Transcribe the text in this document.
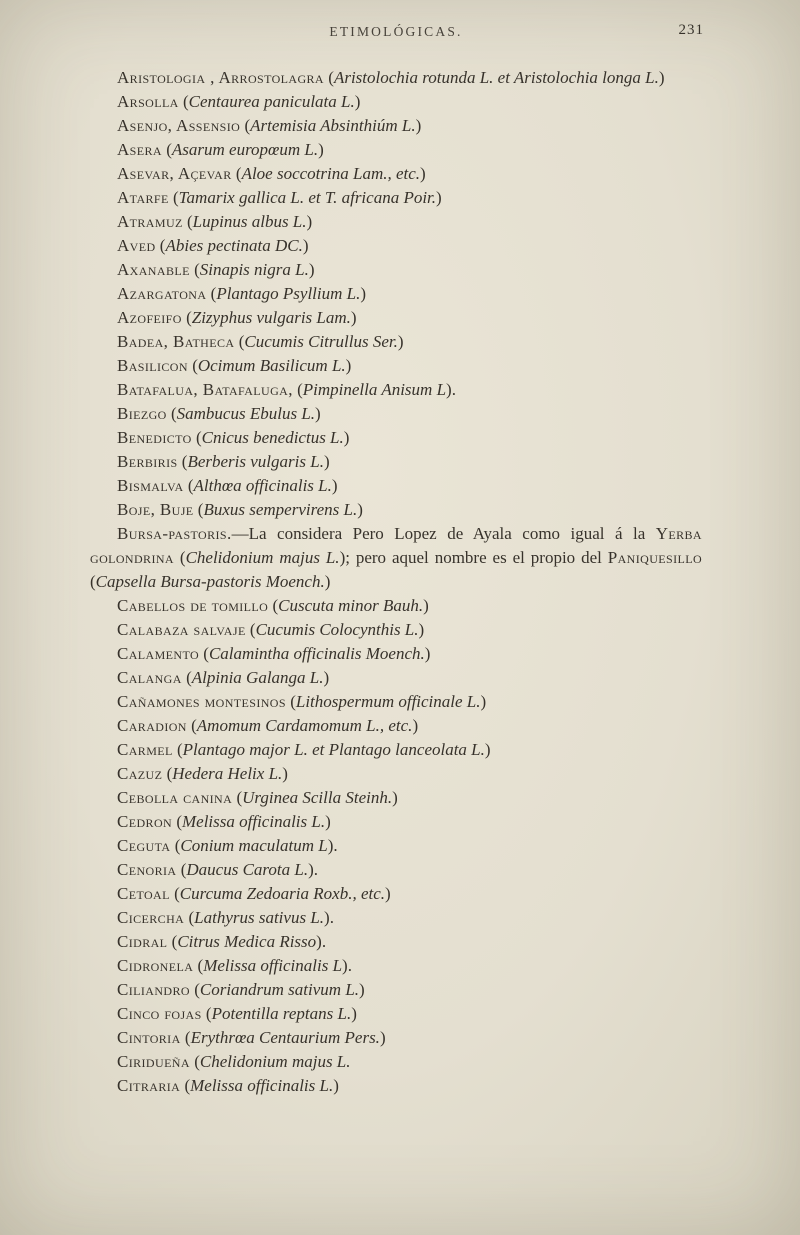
ETIMOLÓGICAS.	231

Aristologia , Arrostolagra (Aristolochia rotunda L. et Aristolochia longa L.)

Arsolla (Centaurea paniculata L.)

Asenjo, Assensio (Artemisia Absinthiúm L.)

Asera (Asarum europœum L.)

Asevar, Açevar (Aloe soccotrina Lam., etc.)

Atarfe (Tamarix gallica L. et T. africana Poir.)

Atramuz (Lupinus albus L.)

Aved (Abies pectinata DC.)

Axanable (Sinapis nigra L.)

Azargatona (Plantago Psyllium L.)

Azofeifo (Zizyphus vulgaris Lam.)

Badea, Batheca (Cucumis Citrullus Ser.)

Basilicon (Ocimum Basilicum L.)

Batafalua, Batafaluga, (Pimpinella Anisum L).

Biezgo (Sambucus Ebulus L.)

Benedicto (Cnicus benedictus L.)

Berbiris (Berberis vulgaris L.)

Bismalva (Althœa officinalis L.)

Boje, Buje (Buxus sempervirens L.)

Bursa-pastoris.—La considera Pero Lopez de Ayala como igual á la Yerba golondrina (Chelidonium majus L.); pero aquel nombre es el propio del Paniquesillo (Capsella Bursa-pastoris Moench.)

Cabellos de tomillo (Cuscuta minor Bauh.)

Calabaza salvaje (Cucumis Colocynthis L.)

Calamento (Calamintha officinalis Moench.)

Calanga (Alpinia Galanga L.)

Cañamones montesinos (Lithospermum officinale L.)

Caradion (Amomum Cardamomum L., etc.)

Carmel (Plantago major L. et Plantago lanceolata L.)

Cazuz (Hedera Helix L.)

Cebolla canina (Urginea Scilla Steinh.)

Cedron (Melissa officinalis L.)

Ceguta (Conium maculatum L).

Cenoria (Daucus Carota L.).

Cetoal (Curcuma Zedoaria Roxb., etc.)

Cicercha (Lathyrus sativus L.).

Cidral (Citrus Medica Risso).

Cidronela (Melissa officinalis L).

Ciliandro (Coriandrum sativum L.)

Cinco fojas (Potentilla reptans L.)

Cintoria (Erythrœa Centaurium Pers.)

Ciridueña (Chelidonium majus L.

Citraria (Melissa officinalis L.)
